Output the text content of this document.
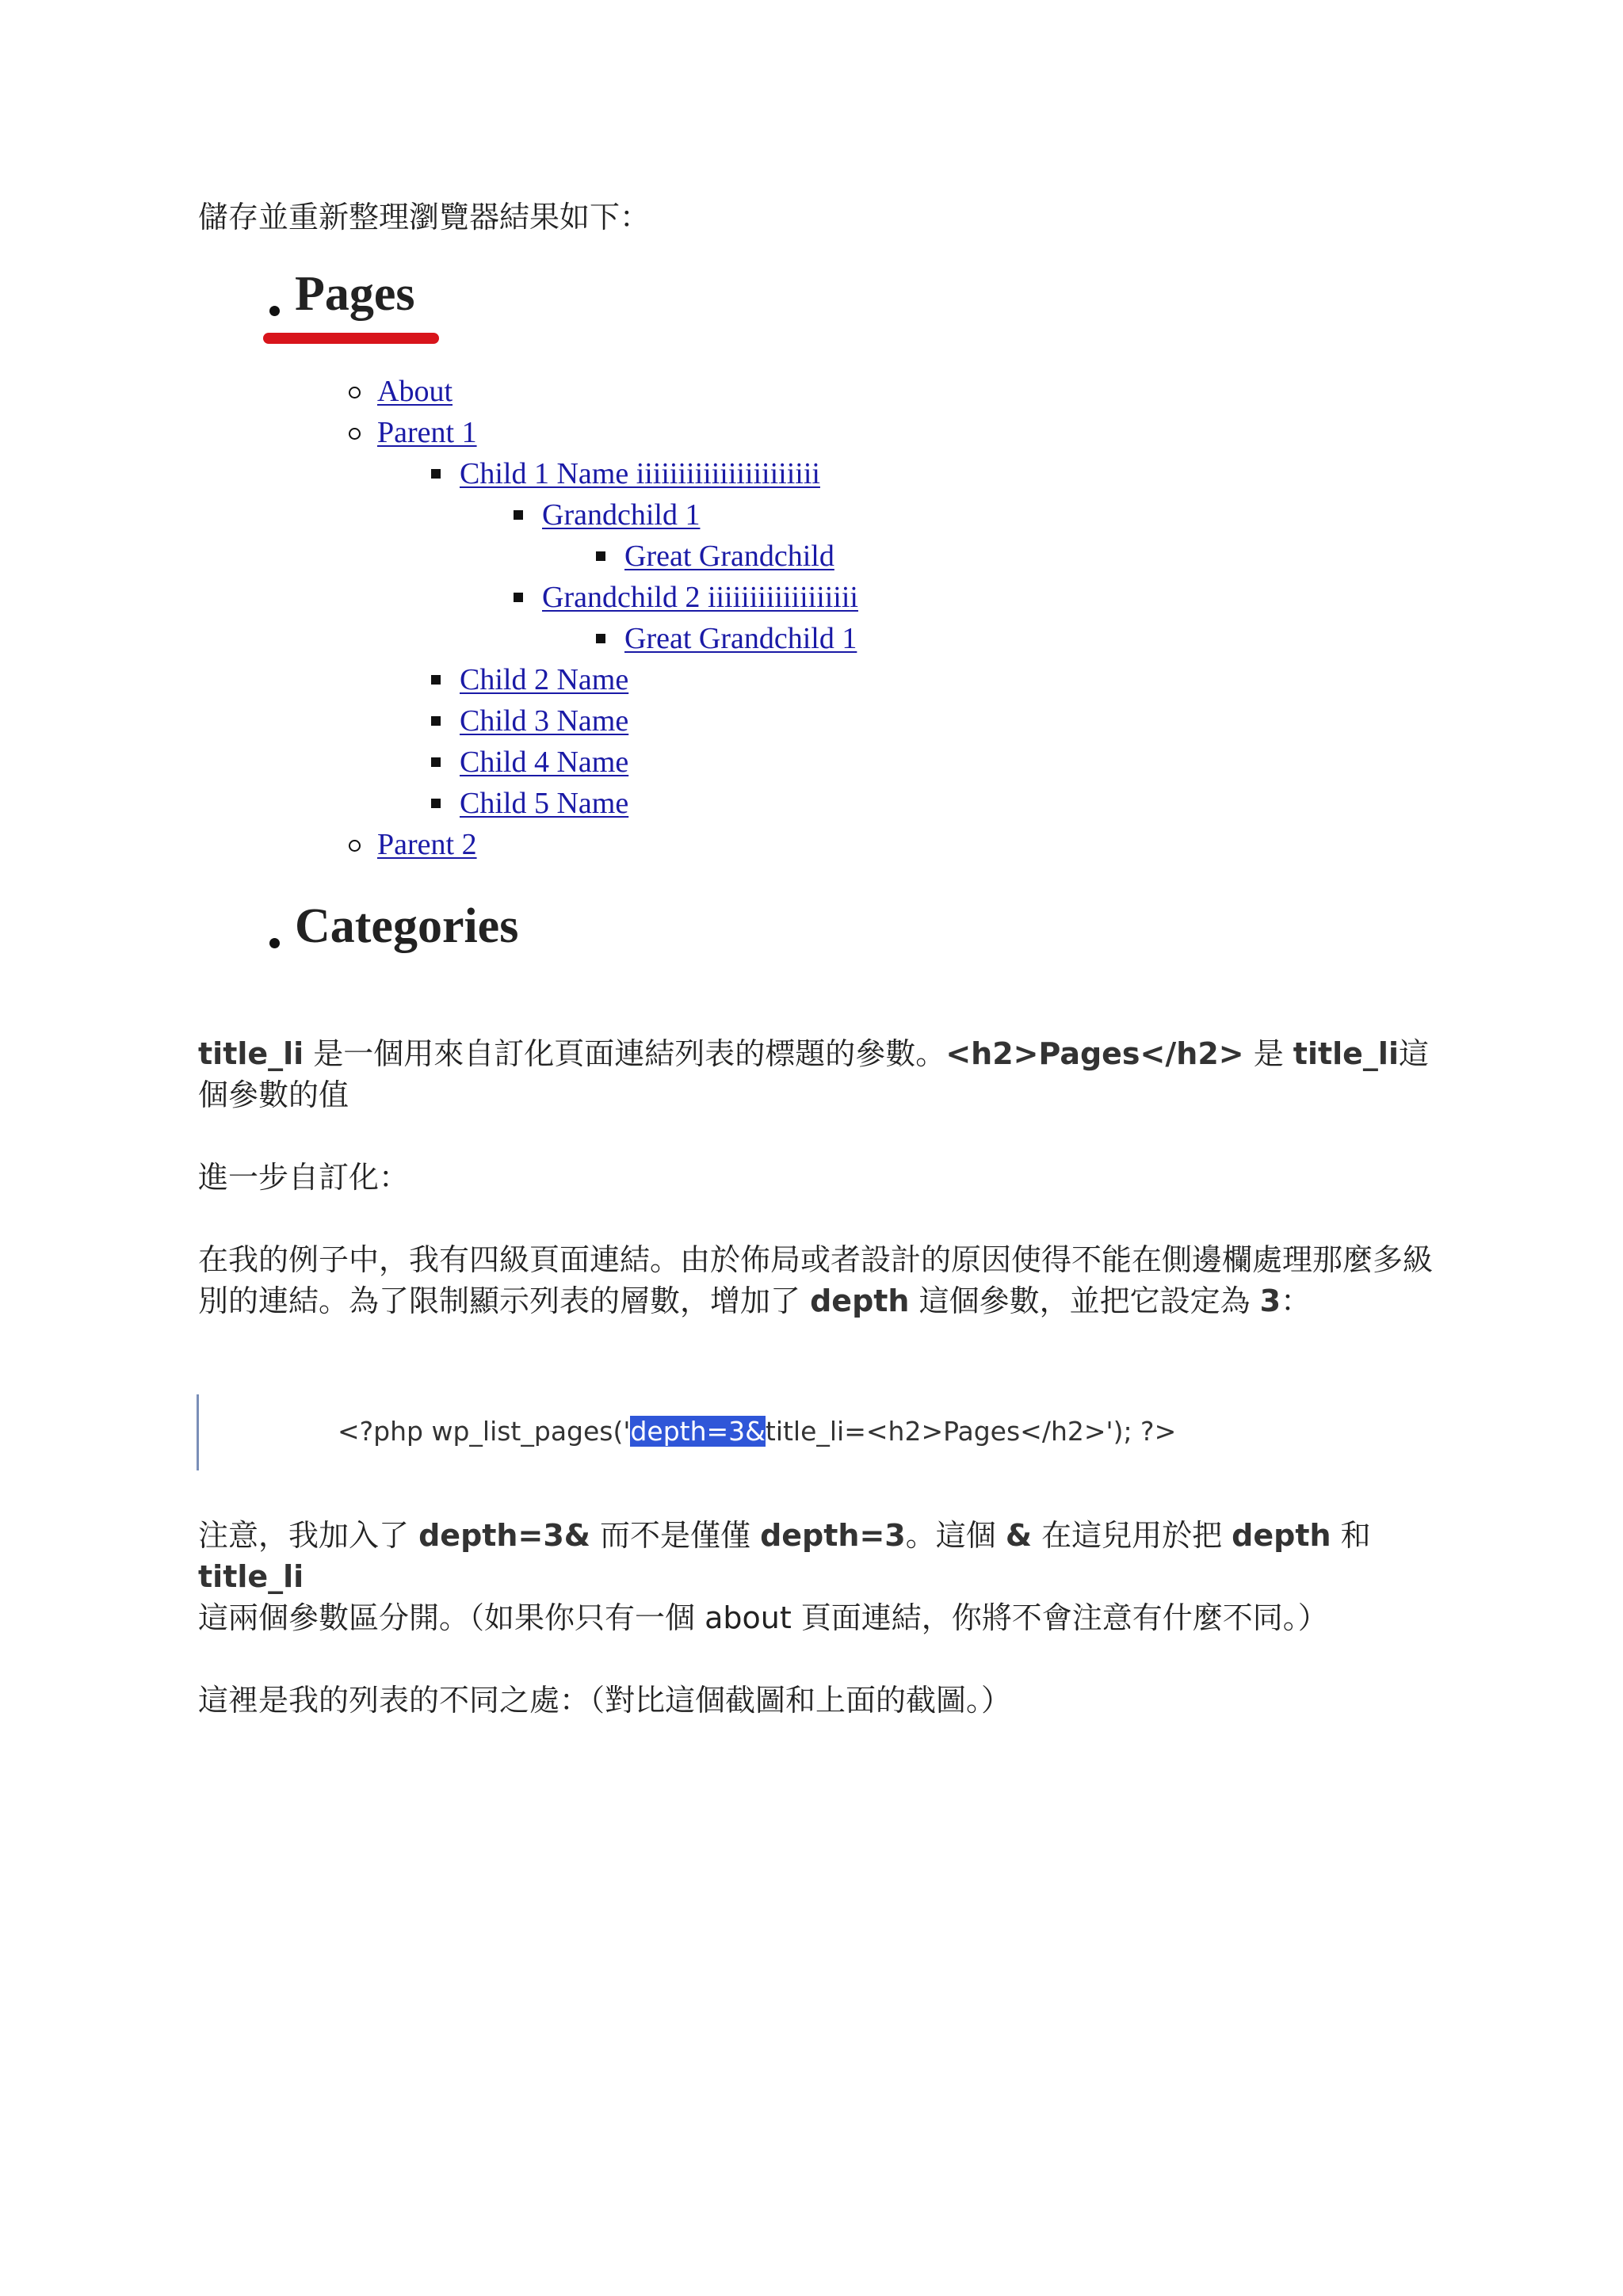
儲存並重新整理瀏覽器結果如下：

Pages
About
Parent 1
Child 1 Name iiiiiiiiiiiiiiiiiiiiii
Grandchild 1
Great Grandchild
Grandchild 2 iiiiiiiiiiiiiiiiii
Great Grandchild 1
Child 2 Name
Child 3 Name
Child 4 Name
Child 5 Name
Parent 2
Categories

title_li 是一個用來自訂化頁面連結列表的標題的參數。<h2>Pages</h2> 是 title_li這個參數的值

進一步自訂化：

在我的例子中，我有四級頁面連結。由於佈局或者設計的原因使得不能在側邊欄處理那麼多級別的連結。為了限制顯示列表的層數，增加了 depth 這個參數，並把它設定為 3：

<?php wp_list_pages('depth=3&title_li=<h2>Pages</h2>'); ?>

注意，我加入了 depth=3& 而不是僅僅 depth=3。這個 & 在這兒用於把 depth 和 title_li 這兩個參數區分開。（如果你只有一個 about 頁面連結，你將不會注意有什麼不同。）

這裡是我的列表的不同之處：（對比這個截圖和上面的截圖。）
